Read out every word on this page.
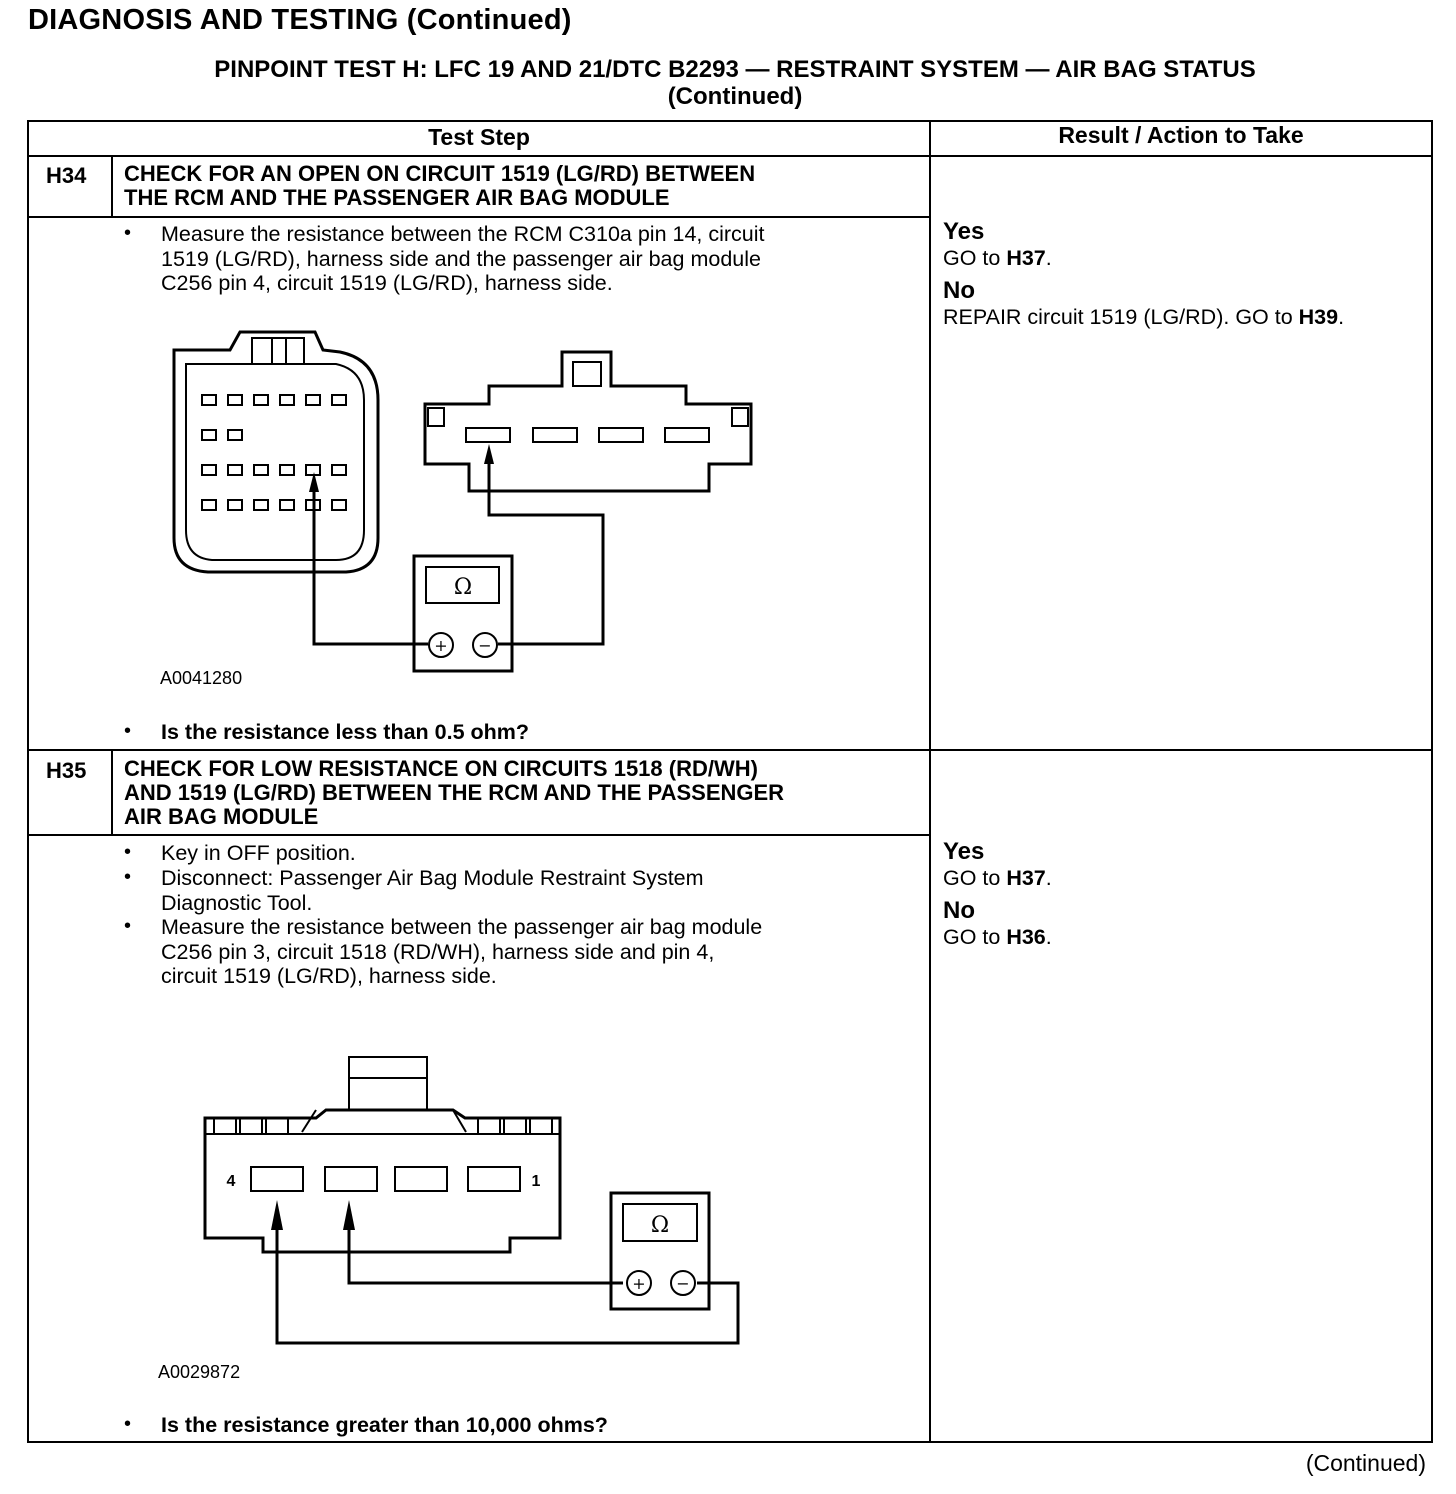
DIAGNOSIS AND TESTING (Continued)
PINPOINT TEST H: LFC 19 AND 21/DTC B2293 — RESTRAINT SYSTEM — AIR BAG STATUS
(Continued)
Test Step	Result / Action to Take
H34 CHECK FOR AN OPEN ON CIRCUIT 1519 (LG/RD) BETWEEN
THE RCM AND THE PASSENGER AIR BAG MODULE
• Measure the resistance between the RCM C310a pin 14, circuit
1519 (LG/RD), harness side and the passenger air bag module
C256 pin 4, circuit 1519 (LG/RD), harness side.
Ω
+ −
A0041280
• Is the resistance less than 0.5 ohm?
Yes
GO to H37.
No
REPAIR circuit 1519 (LG/RD). GO to H39.
H35 CHECK FOR LOW RESISTANCE ON CIRCUITS 1518 (RD/WH)
AND 1519 (LG/RD) BETWEEN THE RCM AND THE PASSENGER
AIR BAG MODULE
• Key in OFF position.
• Disconnect: Passenger Air Bag Module Restraint System
Diagnostic Tool.
• Measure the resistance between the passenger air bag module
C256 pin 3, circuit 1518 (RD/WH), harness side and pin 4,
circuit 1519 (LG/RD), harness side.
4	1
Ω
+ −
A0029872
• Is the resistance greater than 10,000 ohms?
Yes
GO to H37.
No
GO to H36.
(Continued)
